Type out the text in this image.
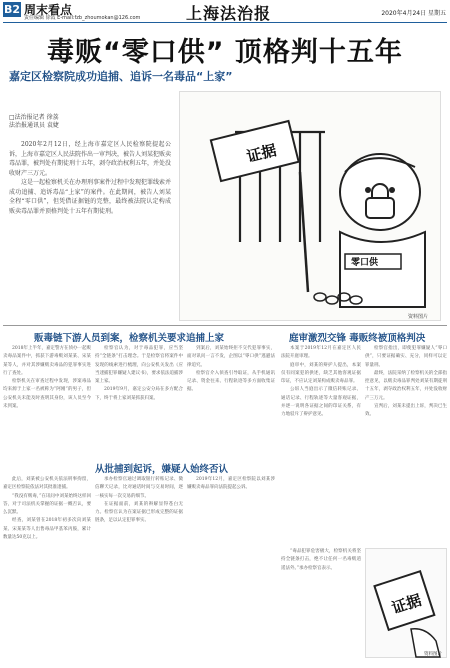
B2 周末看点
责任编辑 徐霞 E-mail:fzb_zhoumokan@126.com	上海法治报	2020年4月24日 星期五
毒贩“零口供” 顶格判十五年
嘉定区检察院成功追捕、追诉一名毒品“上家”
□法治报记者 徐荔
法治报通讯员 袁婕

2020年2月12日，经上海市嘉定区人民检察院提起公诉，上海市嘉定区人民法院作出一审判决，被告人刘某犯贩卖毒品罪，被判处有期徒刑十五年，剥夺政治权利五年，并处没收财产三万元。

这是一起检察机关在办理刑事案件过程中发现犯罪线索并成功追捕、追诉毒品“上家”的案件。在此期间，被告人刘某全程“零口供”，但凭借证据链的完整，最终被法院认定构成贩卖毒品罪并顶格判处十五年有期徒刑。

证据
零口供
资料图片
贩毒链下游人员到案，检察机关要求追捕上家

2018年上半年，嘉定警方在侦办一起贩卖毒品案件中，抓获下游毒贩刘某某、宋某某等人，并对其涉嫌贩卖毒品的犯罪事实进行了查处。

检察机关在审查过程中发现，涉案毒品均来源于上家一名被称为“阿刚”的男子，但公安机关未能及时查明其身份，该人员至今未到案。

检察官认为，对于毒品犯罪，应当坚持“全链条”打击理念。于是检察官将案件中发现的线索进行梳理，向公安机关发出《应当逮捕犯罪嫌疑人建议书》，要求依法追捕涉案上家。

2019年9月，嘉定公安分局在多方配合下，终于将上家刘某抓获归案。

到案后，刘某始终拒不交代犯罪事实，面对讯问一言不发，企图以“零口供”逃避法律追究。

检察官介入侦查引导取证，从手机通讯记录、资金往来、行程轨迹等多方面收集证据。

从批捕到起诉，嫌疑人始终否认

此后，刘某被公安机关依法刑事拘留，嘉定区检察院依法对其批准逮捕。

“我没有贩毒，”在讯问中刘某始终这样回答，对于司法机关掌握的证据一概否认，要么沉默。

经查，刘某曾在2018年初多次向刘某某、宋某某等人出售毒品甲基苯丙胺，累计数量达50克以上。

承办检察官通过调取银行转账记录、微信聊天记录，比对通话时间与交易时间，逐一核实每一次交易的细节。

在证据面前，刘某的辩解显得苍白无力。检察官认为在案证据已形成完整的证据链条，足以认定犯罪事实。

2019年12月，嘉定区检察院以刘某涉嫌贩卖毒品罪向法院提起公诉。

庭审激烈交锋 毒贩终被顶格判决

本案于2019年12月在嘉定区人民法院开庭审理。

庭审中，刘某的辩护人提出，本案仅有同案犯的供述，缺乏其他客观证据印证，不应认定刘某构成贩卖毒品罪。

公诉人当庭出示了微信转账记录、通话记录、行程轨迹等大量客观证据，并逐一说明各证据之间的印证关系，有力地驳斥了辩护意见。

检察官指出，即使犯罪嫌疑人“零口供”，只要证据确实、充分，同样可以定罪量刑。

最终，法院采纳了检察机关的全部指控意见，以贩卖毒品罪判处刘某有期徒刑十五年，剥夺政治权利五年，并处没收财产三万元。

宣判后，刘某未提出上诉，判决已生效。

“毒品犯罪危害极大，检察机关将坚持全链条打击，绝不让任何一名毒贩逍遥法外。”承办检察官表示。

证据
资料图片
